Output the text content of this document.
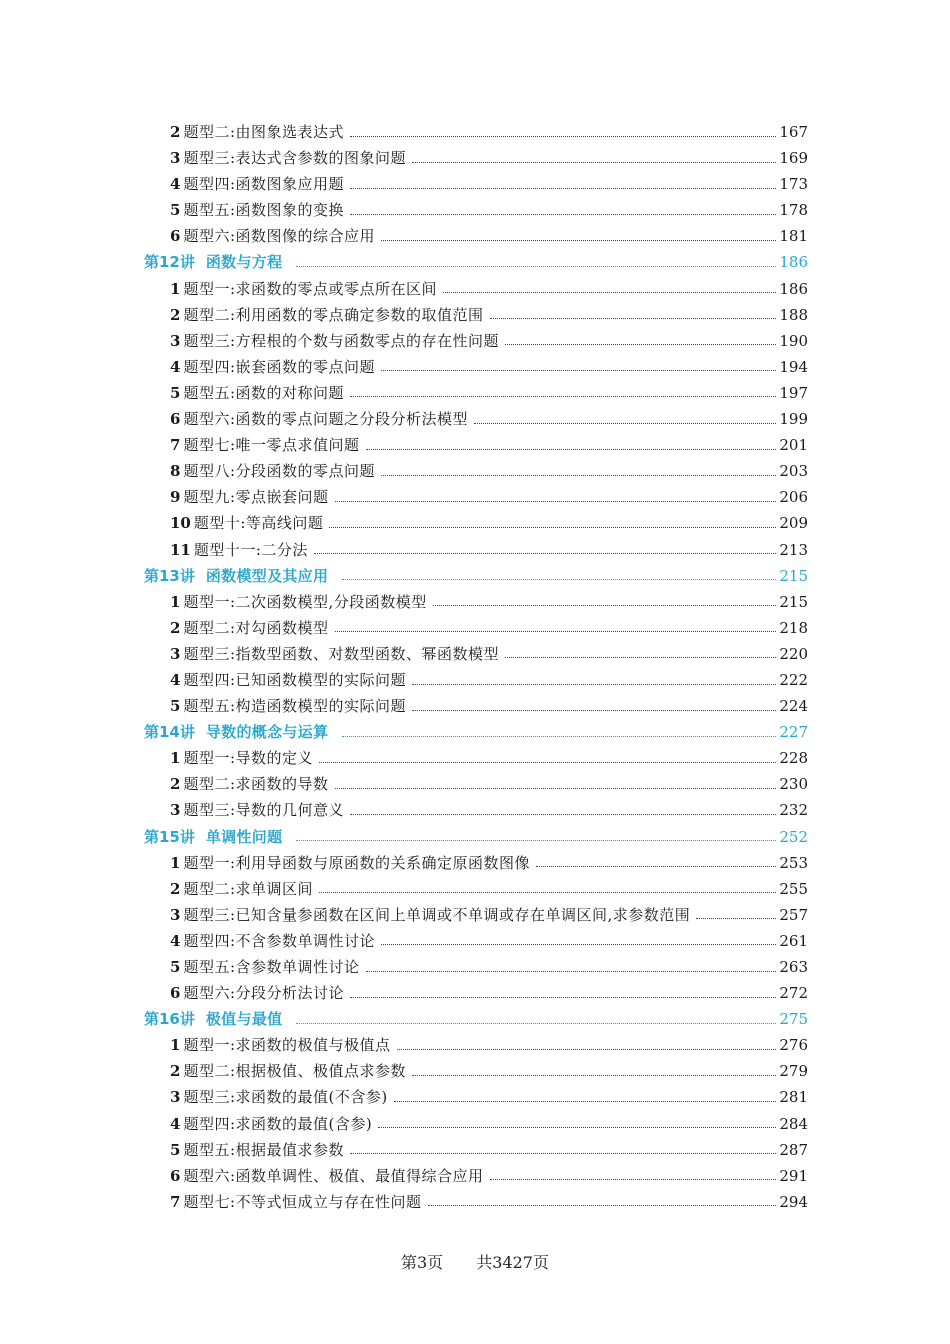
2 题型二:由图象选表达式	167
3 题型三:表达式含参数的图象问题	169
4 题型四:函数图象应用题	173
5 题型五:函数图象的变换	178
6 题型六:函数图像的综合应用	181
第12讲 函数与方程	186
1 题型一:求函数的零点或零点所在区间	186
2 题型二:利用函数的零点确定参数的取值范围	188
3 题型三:方程根的个数与函数零点的存在性问题	190
4 题型四:嵌套函数的零点问题	194
5 题型五:函数的对称问题	197
6 题型六:函数的零点问题之分段分析法模型	199
7 题型七:唯一零点求值问题	201
8 题型八:分段函数的零点问题	203
9 题型九:零点嵌套问题	206
10 题型十:等高线问题	209
11 题型十一:二分法	213
第13讲 函数模型及其应用	215
1 题型一:二次函数模型,分段函数模型	215
2 题型二:对勾函数模型	218
3 题型三:指数型函数、对数型函数、幂函数模型	220
4 题型四:已知函数模型的实际问题	222
5 题型五:构造函数模型的实际问题	224
第14讲 导数的概念与运算	227
1 题型一:导数的定义	228
2 题型二:求函数的导数	230
3 题型三:导数的几何意义	232
第15讲 单调性问题	252
1 题型一:利用导函数与原函数的关系确定原函数图像	253
2 题型二:求单调区间	255
3 题型三:已知含量参函数在区间上单调或不单调或存在单调区间,求参数范围	257
4 题型四:不含参数单调性讨论	261
5 题型五:含参数单调性讨论	263
6 题型六:分段分析法讨论	272
第16讲 极值与最值	275
1 题型一:求函数的极值与极值点	276
2 题型二:根据极值、极值点求参数	279
3 题型三:求函数的最值(不含参)	281
4 题型四:求函数的最值(含参)	284
5 题型五:根据最值求参数	287
6 题型六:函数单调性、极值、最值得综合应用	291
7 题型七:不等式恒成立与存在性问题	294
第3页 共3427页
